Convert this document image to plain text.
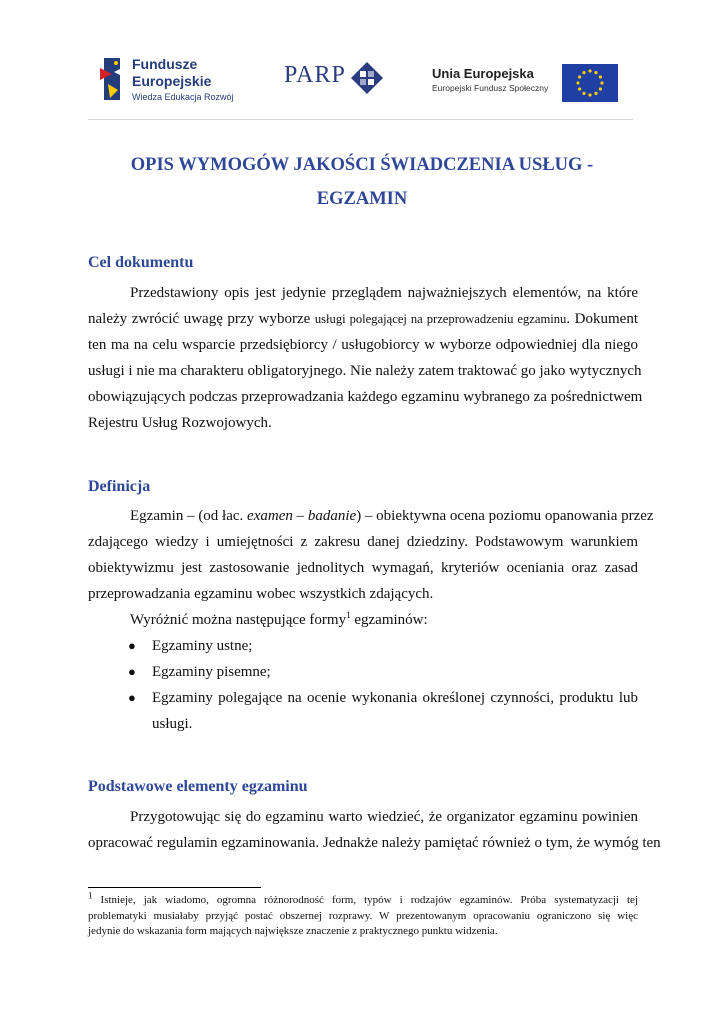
Fundusze
Europejskie
Wiedza Edukacja Rozwój
PARP	Unia Europejska
Europejski Fundusz Społeczny
OPIS WYMOGÓW JAKOŚCI ŚWIADCZENIA USŁUG -
EGZAMIN
Cel dokumentu
Przedstawiony opis jest jedynie przeglądem najważniejszych elementów, na które
należy zwrócić uwagę przy wyborze usługi polegającej na przeprowadzeniu egzaminu. Dokument
ten ma na celu wsparcie przedsiębiorcy / usługobiorcy w wyborze odpowiedniej dla niego
usługi i nie ma charakteru obligatoryjnego. Nie należy zatem traktować go jako wytycznych
obowiązujących podczas przeprowadzania każdego egzaminu wybranego za pośrednictwem
Rejestru Usług Rozwojowych.
Definicja
Egzamin – (od łac. examen – badanie) – obiektywna ocena poziomu opanowania przez
zdającego wiedzy i umiejętności z zakresu danej dziedziny. Podstawowym warunkiem
obiektywizmu jest zastosowanie jednolitych wymagań, kryteriów oceniania oraz zasad
przeprowadzania egzaminu wobec wszystkich zdających.
Wyróżnić można następujące formy$^1$ egzaminów:
● Egzaminy ustne;
● Egzaminy pisemne;
● Egzaminy polegające na ocenie wykonania określonej czynności, produktu lub
usługi.
Podstawowe elementy egzaminu
Przygotowując się do egzaminu warto wiedzieć, że organizator egzaminu powinien
opracować regulamin egzaminowania. Jednakże należy pamiętać również o tym, że wymóg ten
$^1$ Istnieje, jak wiadomo, ogromna różnorodność form, typów i rodzajów egzaminów. Próba systematyzacji tej
problematyki musiałaby przyjąć postać obszernej rozprawy. W prezentowanym opracowaniu ograniczono się więc
jedynie do wskazania form mających największe znaczenie z praktycznego punktu widzenia.
